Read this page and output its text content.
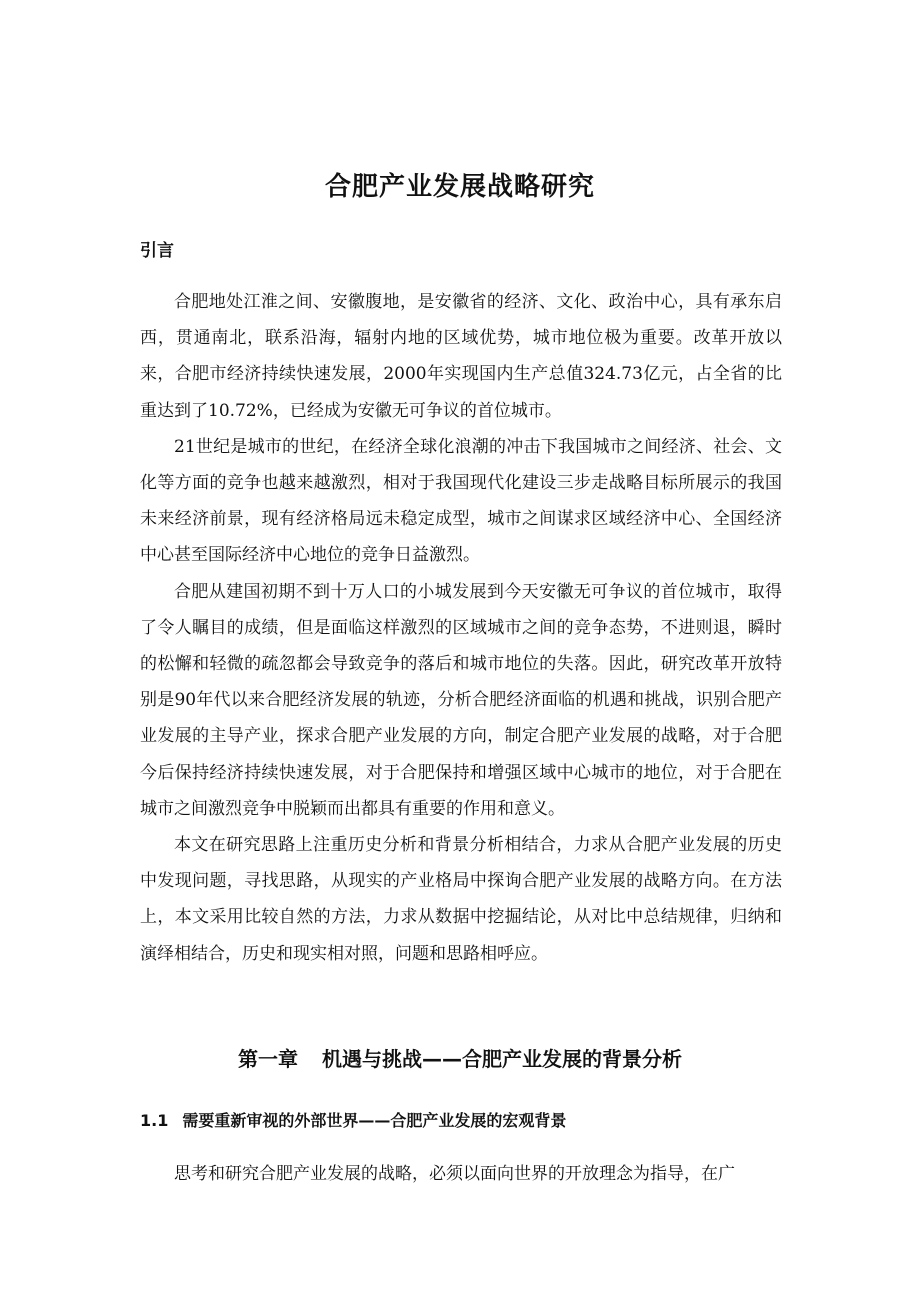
合肥产业发展战略研究
引言

合肥地处江淮之间、安徽腹地，是安徽省的经济、文化、政治中心，具有承东启西，贯通南北，联系沿海，辐射内地的区域优势，城市地位极为重要。改革开放以来，合肥市经济持续快速发展，2000年实现国内生产总值324.73亿元，占全省的比重达到了10.72%，已经成为安徽无可争议的首位城市。

21世纪是城市的世纪，在经济全球化浪潮的冲击下我国城市之间经济、社会、文化等方面的竞争也越来越激烈，相对于我国现代化建设三步走战略目标所展示的我国未来经济前景，现有经济格局远未稳定成型，城市之间谋求区域经济中心、全国经济中心甚至国际经济中心地位的竞争日益激烈。

合肥从建国初期不到十万人口的小城发展到今天安徽无可争议的首位城市，取得了令人瞩目的成绩，但是面临这样激烈的区域城市之间的竞争态势，不进则退，瞬时的松懈和轻微的疏忽都会导致竞争的落后和城市地位的失落。因此，研究改革开放特别是90年代以来合肥经济发展的轨迹，分析合肥经济面临的机遇和挑战，识别合肥产业发展的主导产业，探求合肥产业发展的方向，制定合肥产业发展的战略，对于合肥今后保持经济持续快速发展，对于合肥保持和增强区域中心城市的地位，对于合肥在城市之间激烈竞争中脱颖而出都具有重要的作用和意义。

本文在研究思路上注重历史分析和背景分析相结合，力求从合肥产业发展的历史中发现问题，寻找思路，从现实的产业格局中探询合肥产业发展的战略方向。在方法上，本文采用比较自然的方法，力求从数据中挖掘结论，从对比中总结规律，归纳和演绎相结合，历史和现实相对照，问题和思路相呼应。

第一章 机遇与挑战——合肥产业发展的背景分析
1.1 需要重新审视的外部世界——合肥产业发展的宏观背景

思考和研究合肥产业发展的战略，必须以面向世界的开放理念为指导，在广
